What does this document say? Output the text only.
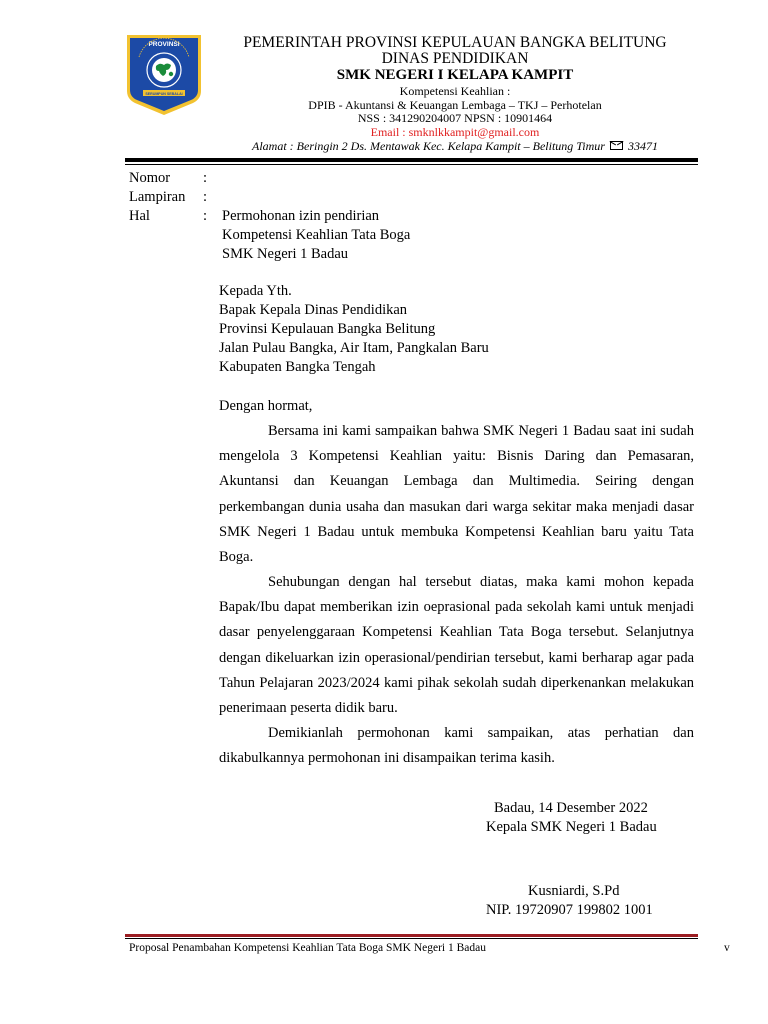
PROVINSI
SERUMPUN SEBALAI
PEMERINTAH PROVINSI KEPULAUAN BANGKA BELITUNG
DINAS PENDIDIKAN
SMK NEGERI I KELAPA KAMPIT
Kompetensi Keahlian :
DPIB - Akuntansi & Keuangan Lembaga – TKJ – Perhotelan
NSS : 341290204007 NPSN : 10901464
Email : smknlkkampit@gmail.com
Alamat : Beringin 2 Ds. Mentawak Kec. Kelapa Kampit – Belitung Timur 33471
Nomor :
Lampiran :
Hal	: Permohonan izin pendirian
Kompetensi Keahlian Tata Boga
SMK Negeri 1 Badau
Kepada Yth.
Bapak Kepala Dinas Pendidikan
Provinsi Kepulauan Bangka Belitung
Jalan Pulau Bangka, Air Itam, Pangkalan Baru
Kabupaten Bangka Tengah
Dengan hormat,
Bersama ini kami sampaikan bahwa SMK Negeri 1 Badau saat ini sudah mengelola 3 Kompetensi Keahlian yaitu: Bisnis Daring dan Pemasaran, Akuntansi dan Keuangan Lembaga dan Multimedia. Seiring dengan perkembangan dunia usaha dan masukan dari warga sekitar maka menjadi dasar SMK Negeri 1 Badau untuk membuka Kompetensi Keahlian baru yaitu Tata Boga.
Sehubungan dengan hal tersebut diatas, maka kami mohon kepada Bapak/Ibu dapat memberikan izin oeprasional pada sekolah kami untuk menjadi dasar penyelenggaraan Kompetensi Keahlian Tata Boga tersebut. Selanjutnya dengan dikeluarkan izin operasional/pendirian tersebut, kami berharap agar pada Tahun Pelajaran 2023/2024 kami pihak sekolah sudah diperkenankan melakukan penerimaan peserta didik baru.
Demikianlah permohonan kami sampaikan, atas perhatian dan dikabulkannya permohonan ini disampaikan terima kasih.
Badau, 14 Desember 2022
Kepala SMK Negeri 1 Badau
Kusniardi, S.Pd
NIP. 19720907 199802 1001
Proposal Penambahan Kompetensi Keahlian Tata Boga SMK Negeri 1 Badau	v
